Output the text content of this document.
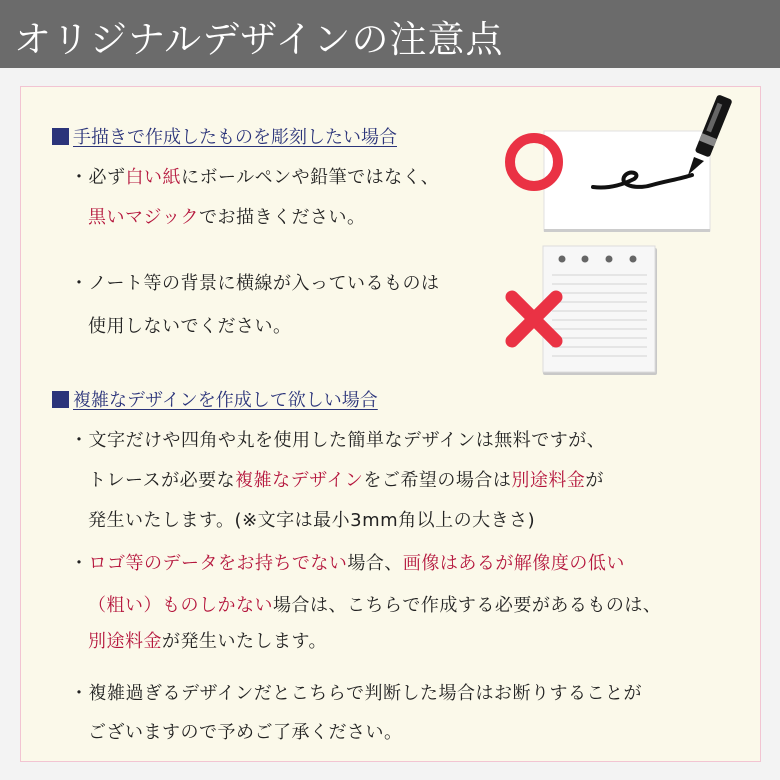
オリジナルデザインの注意点
手描きで作成したものを彫刻したい場合
・必ず白い紙にボールペンや鉛筆ではなく、
黒いマジックでお描きください。
・ノート等の背景に横線が入っているものは
使用しないでください。
複雑なデザインを作成して欲しい場合
・文字だけや四角や丸を使用した簡単なデザインは無料ですが、
トレースが必要な複雑なデザインをご希望の場合は別途料金が
発生いたします。(※文字は最小3mm角以上の大きさ)
・ロゴ等のデータをお持ちでない場合、画像はあるが解像度の低い
（粗い）ものしかない場合は、こちらで作成する必要があるものは、
別途料金が発生いたします。
・複雑過ぎるデザインだとこちらで判断した場合はお断りすることが
ございますので予めご了承ください。
